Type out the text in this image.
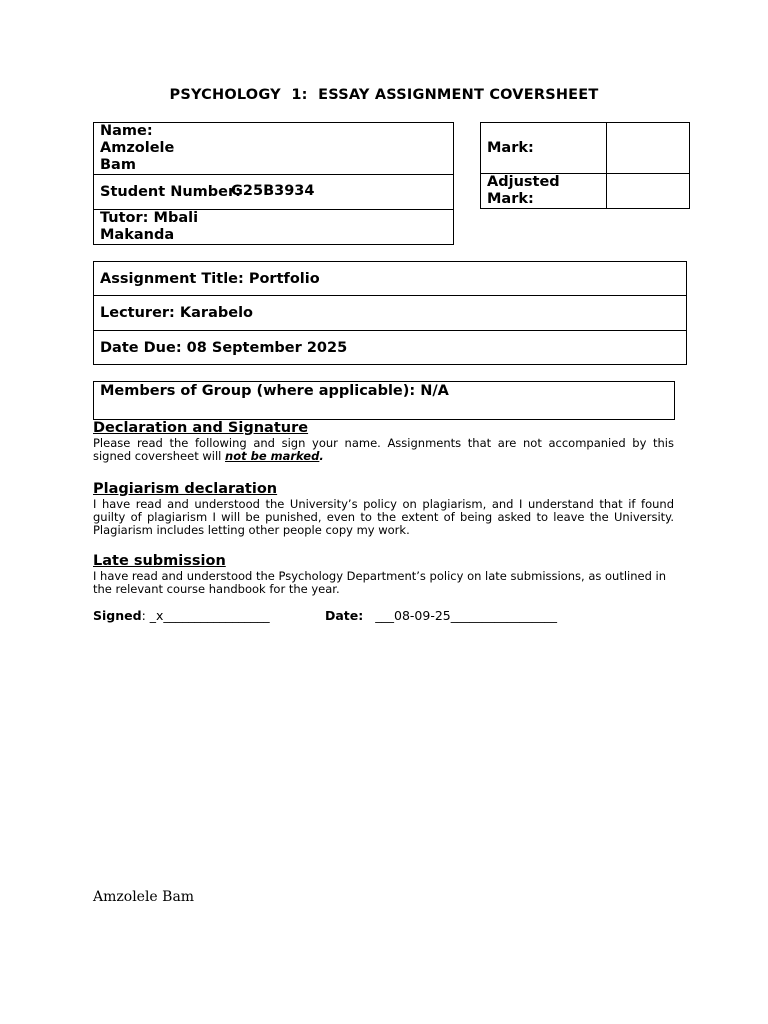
PSYCHOLOGY  1:  ESSAY ASSIGNMENT COVERSHEET
Name:
Amzolele
Bam

Student Number:
G25B3934

Tutor: Mbali
Makanda
Mark:	

Adjusted
Mark:	

Assignment Title: Portfolio
Lecturer: Karabelo
Date Due: 08 September 2025
Members of Group (where applicable): N/A
Declaration and Signature
Please read the following and sign your name. Assignments that are not accompanied by this signed coversheet will not be marked.
Plagiarism declaration
I have read and understood the University’s policy on plagiarism, and I understand that if found guilty of plagiarism I will be punished, even to the extent of being asked to leave the University. Plagiarism includes letting other people copy my work.
Late submission
I have read and understood the Psychology Department’s policy on late submissions, as outlined in the relevant course handbook for the year.
Signed: _x_________________	Date: ___08-09-25_________________
Amzolele Bam
